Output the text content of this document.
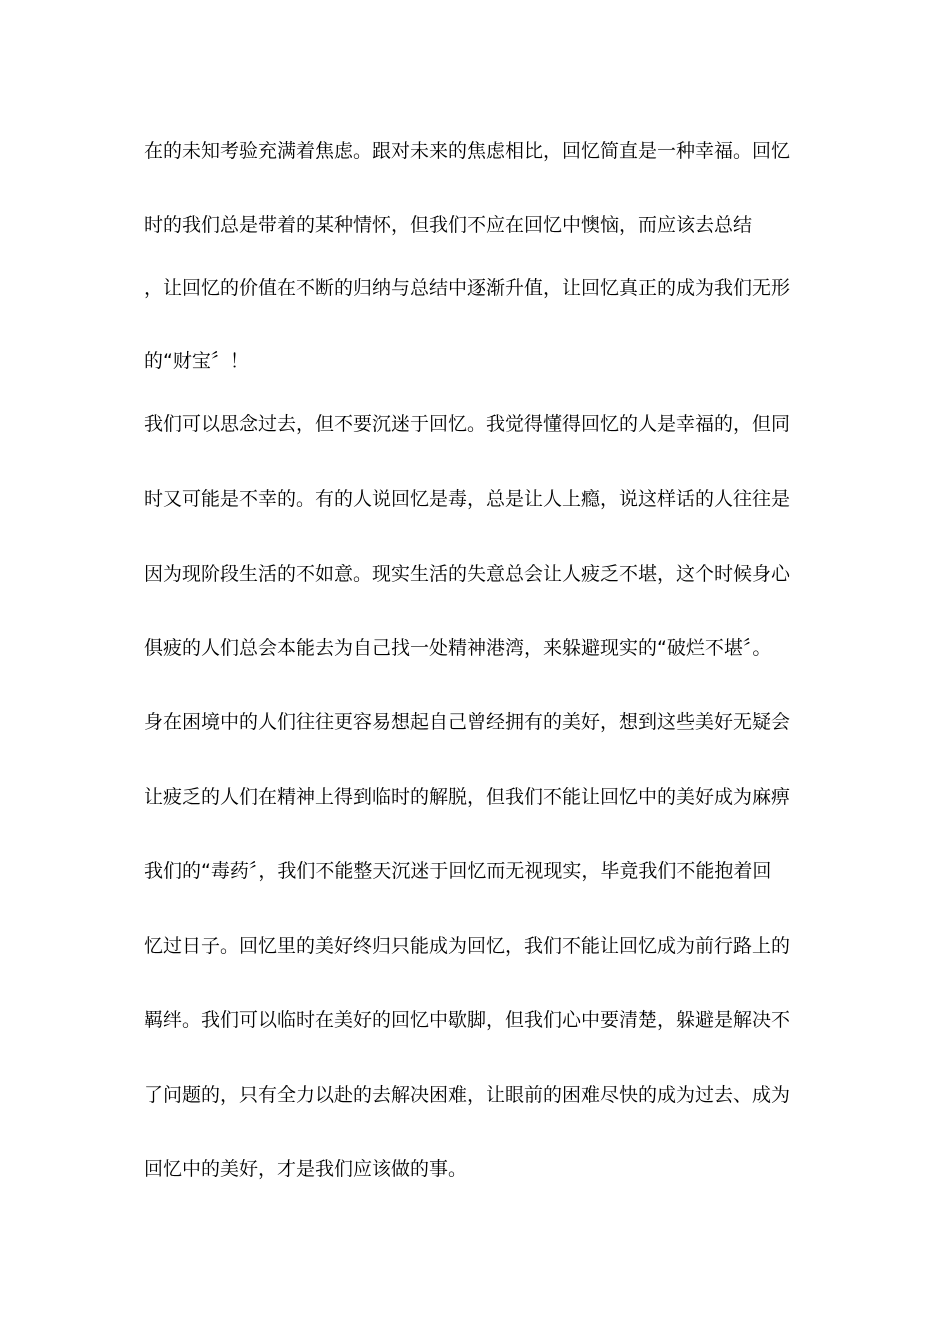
在的未知考验充满着焦虑。跟对未来的焦虑相比，回忆简直是一种幸福。回忆
时的我们总是带着的某种情怀，但我们不应在回忆中懊恼，而应该去总结
，让回忆的价值在不断的归纳与总结中逐渐升值，让回忆真正的成为我们无形
的“财宝〞！
我们可以思念过去，但不要沉迷于回忆。我觉得懂得回忆的人是幸福的，但同
时又可能是不幸的。有的人说回忆是毒，总是让人上瘾，说这样话的人往往是
因为现阶段生活的不如意。现实生活的失意总会让人疲乏不堪，这个时候身心
俱疲的人们总会本能去为自己找一处精神港湾，来躲避现实的“破烂不堪〞。
身在困境中的人们往往更容易想起自己曾经拥有的美好，想到这些美好无疑会
让疲乏的人们在精神上得到临时的解脱，但我们不能让回忆中的美好成为麻痹
我们的“毒药〞，我们不能整天沉迷于回忆而无视现实，毕竟我们不能抱着回
忆过日子。回忆里的美好终归只能成为回忆，我们不能让回忆成为前行路上的
羁绊。我们可以临时在美好的回忆中歇脚，但我们心中要清楚，躲避是解决不
了问题的，只有全力以赴的去解决困难，让眼前的困难尽快的成为过去、成为
回忆中的美好，才是我们应该做的事。
